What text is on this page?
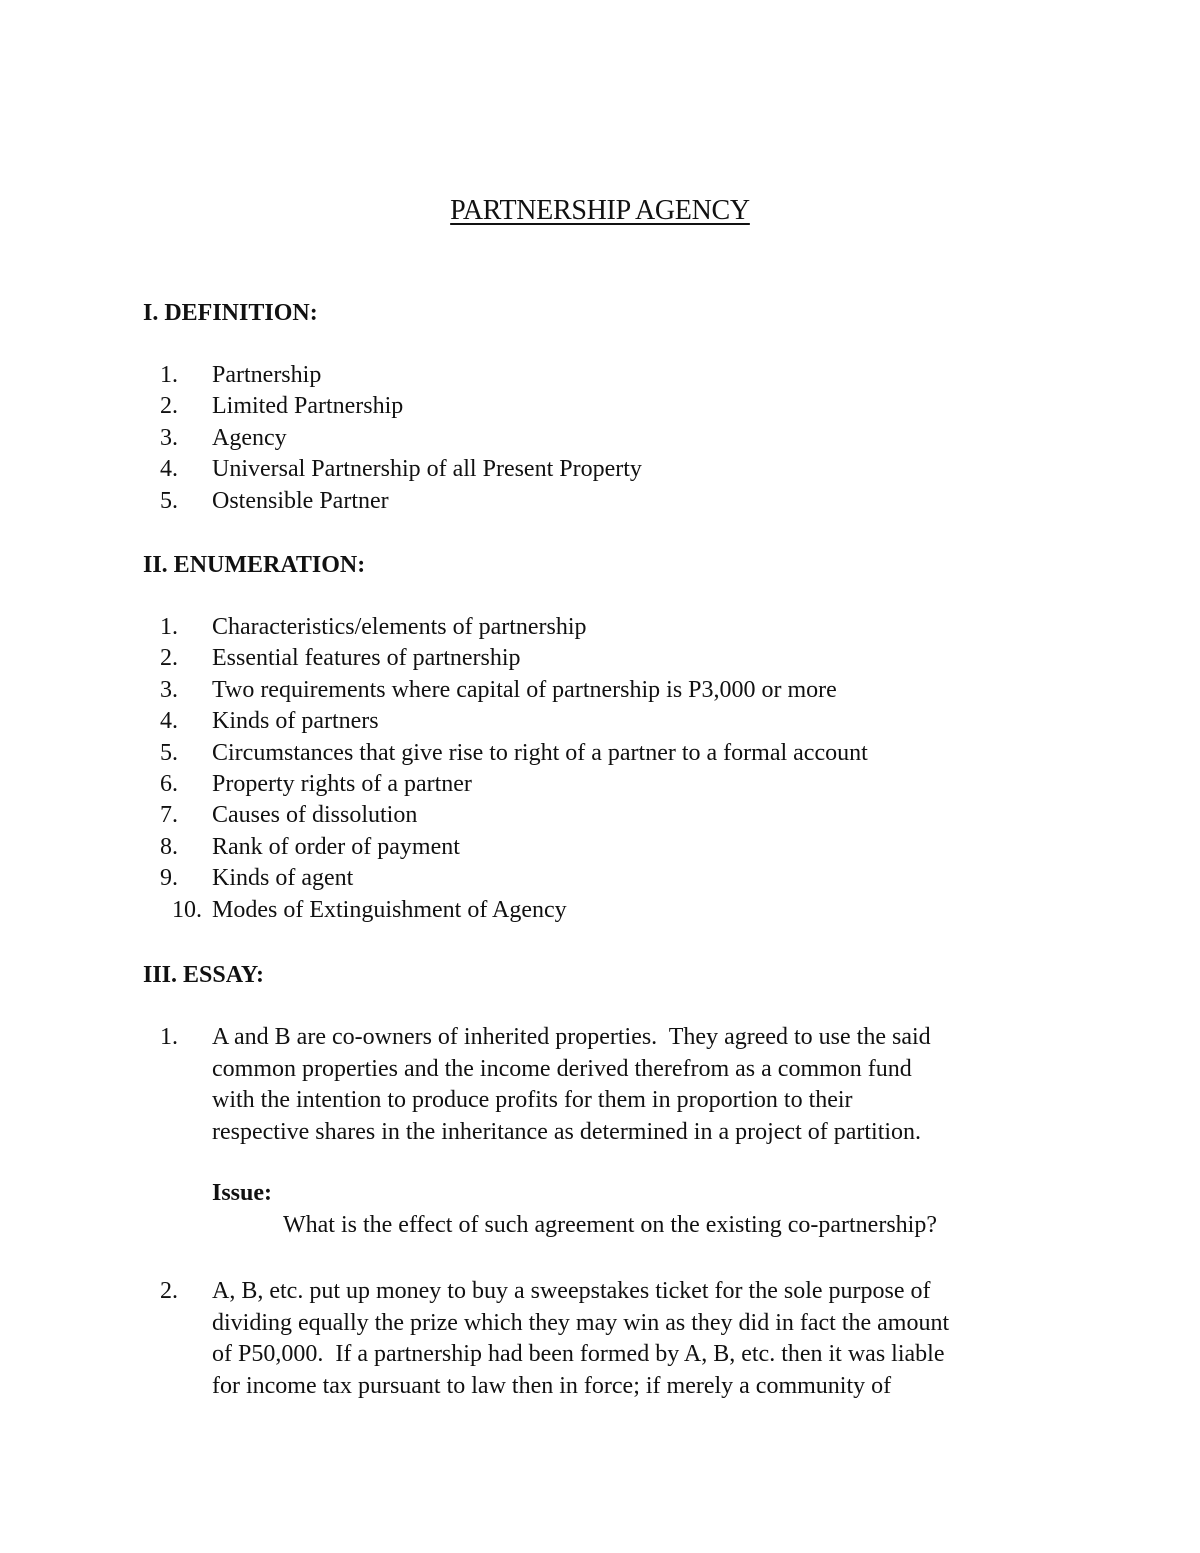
PARTNERSHIP AGENCY
I. DEFINITION:
1.	Partnership
2.	Limited Partnership
3.	Agency
4.	Universal Partnership of all Present Property
5.	Ostensible Partner
II. ENUMERATION:
1.	Characteristics/elements of partnership
2.	Essential features of partnership
3.	Two requirements where capital of partnership is P3,000 or more
4.	Kinds of partners
5.	Circumstances that give rise to right of a partner to a formal account
6.	Property rights of a partner
7.	Causes of dissolution
8.	Rank of order of payment
9.	Kinds of agent
10. Modes of Extinguishment of Agency
III. ESSAY:
1. A and B are co-owners of inherited properties.  They agreed to use the said
common properties and the income derived therefrom as a common fund
with the intention to produce profits for them in proportion to their
respective shares in the inheritance as determined in a project of partition.
Issue:
What is the effect of such agreement on the existing co-partnership?
2. A, B, etc. put up money to buy a sweepstakes ticket for the sole purpose of
dividing equally the prize which they may win as they did in fact the amount
of P50,000.  If a partnership had been formed by A, B, etc. then it was liable
for income tax pursuant to law then in force; if merely a community of
